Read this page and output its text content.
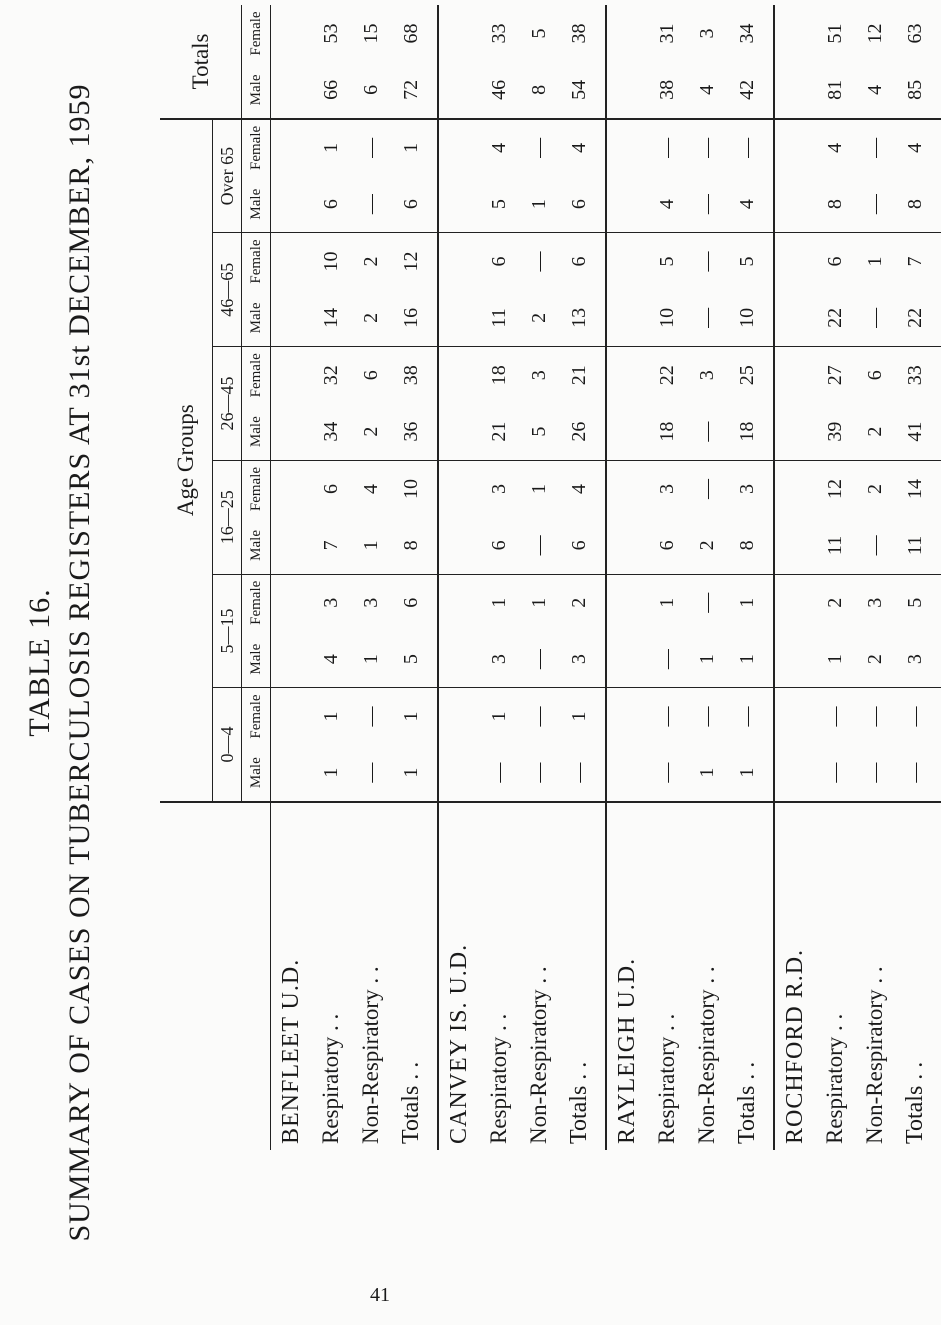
TABLE 16. SUMMARY OF CASES ON TUBERCULOSIS REGISTERS AT 31st DECEMBER, 1959
		Age Groups												Totals	
	0—4		5—15		16—25		26—45		46—65		Over 65			
	Male	Female	Male	Female	Male	Female	Male	Female	Male	Female	Male	Female	Male	Female
BENFLEET U.D.														
Respiratory . .	1	1	4	3	7	6	34	32	14	10	6	1	66	53
Non-Respiratory . .	—	—	1	3	1	4	2	6	2	2	—	—	6	15
Totals . .	1	1	5	6	8	10	36	38	16	12	6	1	72	68
CANVEY IS. U.D.														
Respiratory . .	—	1	3	1	6	3	21	18	11	6	5	4	46	33
Non-Respiratory . .	—	—	—	1	—	1	5	3	2	—	1	—	8	5
Totals . .	—	1	3	2	6	4	26	21	13	6	6	4	54	38
RAYLEIGH U.D.														
Respiratory . .	—	—	—	1	6	3	18	22	10	5	4	—	38	31
Non-Respiratory . .	1	—	1	—	2	—	—	3	—	—	—	—	4	3
Totals . .	1	—	1	1	8	3	18	25	10	5	4	—	42	34
ROCHFORD R.D.														
Respiratory . .	—	—	1	2	11	12	39	27	22	6	8	4	81	51
Non-Respiratory . .	—	—	2	3	—	2	2	6	—	1	—	—	4	12
Totals . .	—	—	3	5	11	14	41	33	22	7	8	4	85	63
41
